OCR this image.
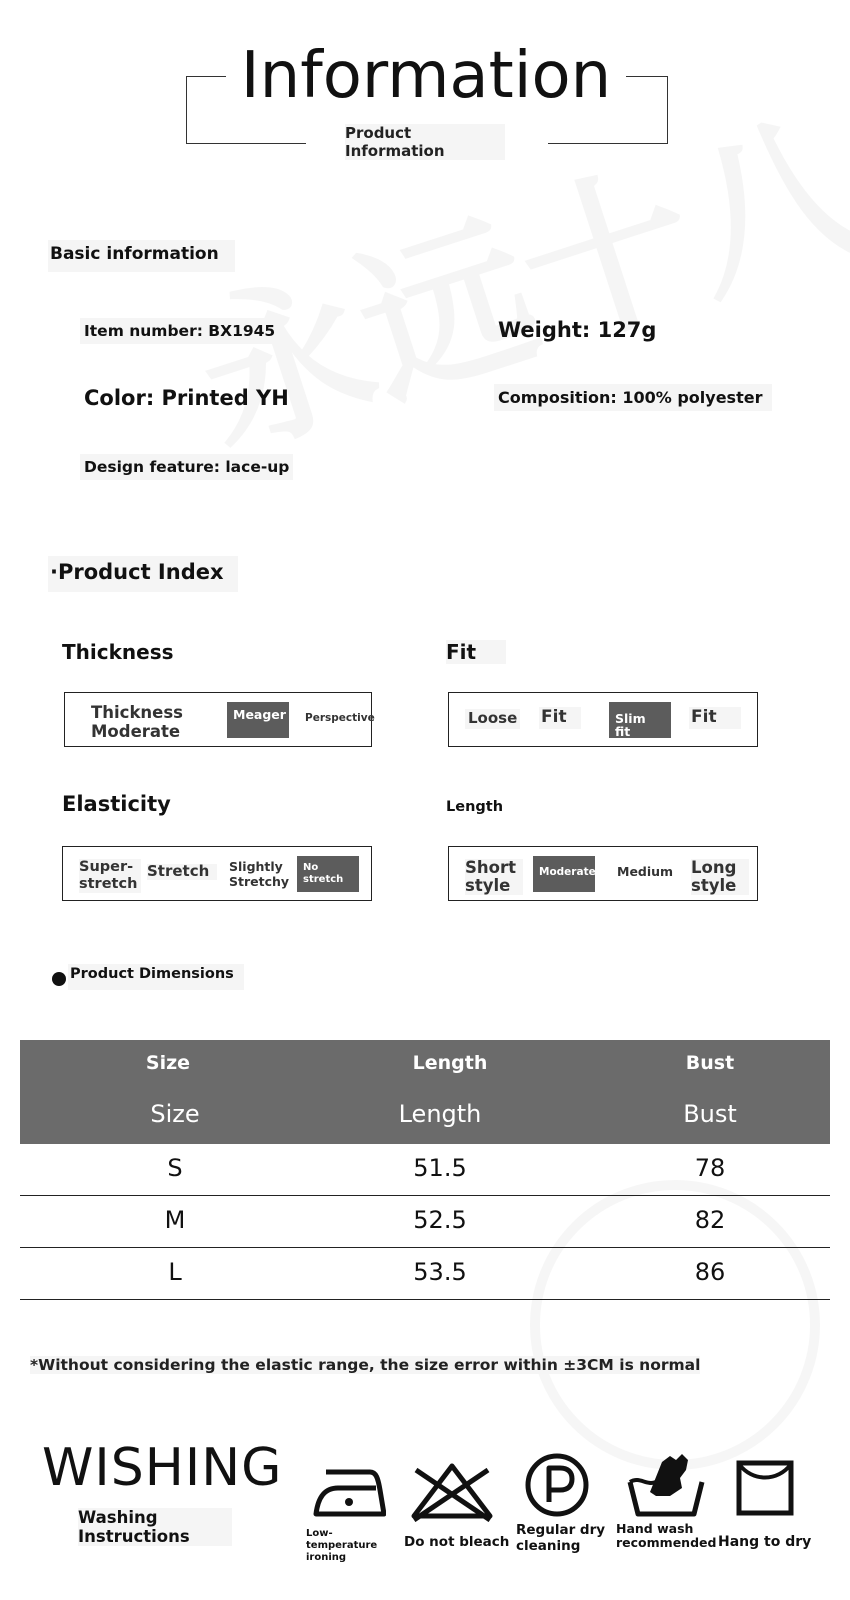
Information
Product Information
Basic information
Item number: BX1945	Weight: 127g
Color: Printed YH	Composition: 100% polyester
Design feature: lace-up
·Product Index
Thickness
Thickness Moderate
Meager Perspective
Fit
Loose Fit	Slim fit
Fit
Elasticity
Super-stretch
Stretch	Slightly Stretchy
No stretch
Length
Short style
Moderate Medium Long style
Product Dimensions
Size	Length	Bust
Size	Length	Bust
S	51.5	78
M	52.5	82
L	53.5	86
*Without considering the elastic range, the size error within ±3CM is normal
WISHING
Washing Instructions	Low-temperature ironing
Do not bleach
Regular dry cleaning
Hand wash recommended Hang to dry
